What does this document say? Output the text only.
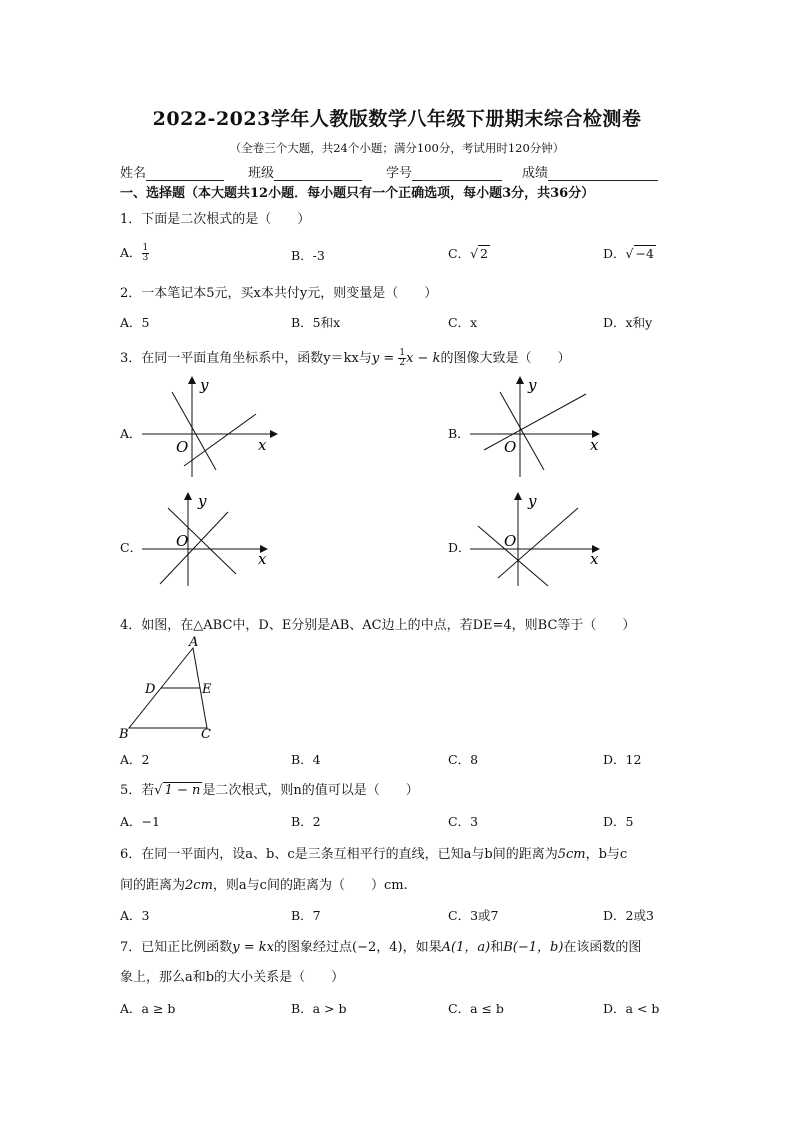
2022-2023学年人教版数学八年级下册期末综合检测卷
（全卷三个大题，共24个小题；满分100分，考试用时120分钟）
姓名	班级	学号	成绩
一、选择题（本大题共12小题．每小题只有一个正确选项，每小题3分，共36分）
1．下面是二次根式的是（　　）
A． $\frac{1}{3}$	B．-3	C．√ 2	D．√ −4
2．一本笔记本5元，买x本共付y元，则变量是（　　）
A．5	B．5和x	C．x	D．x和y
3．在同一平面直角坐标系中，函数y＝kx与$y = \frac{1}{2}$ x − k的图像大致是（　　）
A．	B．
C．	D．
x
y
O	x
y
O
x
y
O
x
y
O
4．如图，在△ABC中，D、E分别是AB、AC边上的中点，若DE=4，则BC等于（　　）
A
B	C
D	E
A．2	B．4	C．8	D．12
5．若√ 1 − n 是二次根式，则n的值可以是（　　）
A．−1	B．2	C．3	D．5
6．在同一平面内，设a、b、c是三条互相平行的直线，已知a与b间的距离为5cm，b与c
间的距离为2cm，则a与c间的距离为（　　）cm.
A．3	B．7	C．3或7	D．2或3
7．已知正比例函数y = kx的图象经过点(−2，4)，如果A(1，a)和B(−1，b)在该函数的图
象上，那么a和b的大小关系是（　　）
A．a ≥ b	B．a > b	C．a ≤ b	D．a < b
